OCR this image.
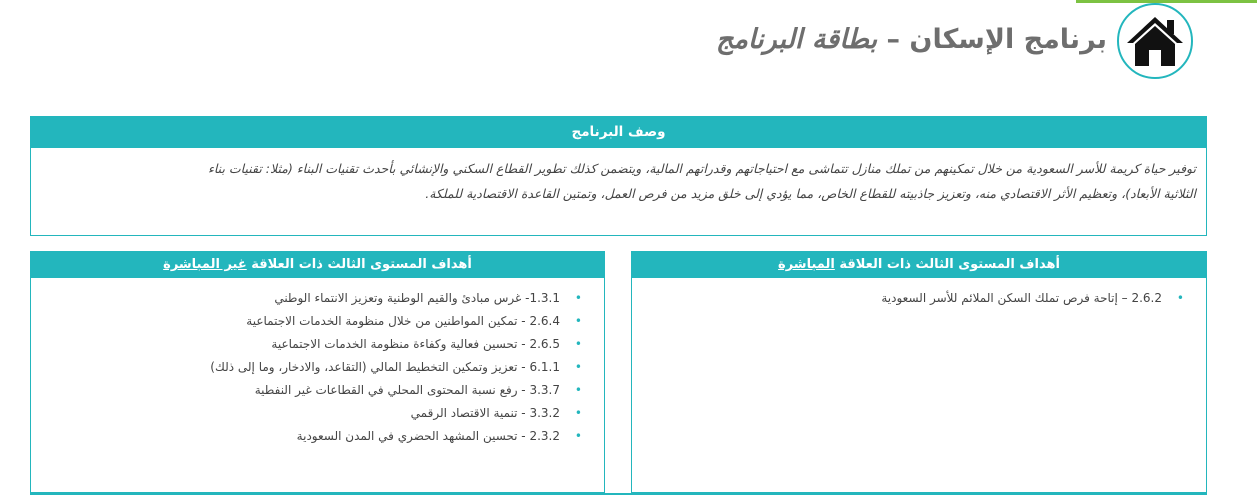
برنامج الإسكان – بطاقة البرنامج
وصف البرنامج
توفير حياة كريمة للأسر السعودية من خلال تمكينهم من تملك منازل تتماشى مع احتياجاتهم وقدراتهم المالية، ويتضمن كذلك تطوير القطاع السكني والإنشائي بأحدث تقنيات البناء (مثلا: تقنيات بناء
الثلاثية الأبعاد)، وتعظيم الأثر الاقتصادي منه، وتعزيز جاذبيته للقطاع الخاص، مما يؤدي إلى خلق مزيد من فرص العمل، وتمتين القاعدة الاقتصادية للملكة.
أهداف المستوى الثالث ذات العلاقة المباشرة
•
2.6.2 – إتاحة فرص تملك السكن الملائم للأسر السعودية
أهداف المستوى الثالث ذات العلاقة غير المباشرة
•
1.3.1- غرس مبادئ والقيم الوطنية وتعزيز الانتماء الوطني
•
2.6.4 - تمكين المواطنين من خلال منظومة الخدمات الاجتماعية
•
2.6.5 - تحسين فعالية وكفاءة منظومة الخدمات الاجتماعية
•
6.1.1 - تعزيز وتمكين التخطيط المالي (التقاعد، والادخار، وما إلى ذلك)
•
3.3.7 - رفع نسبة المحتوى المحلي في القطاعات غير النفطية
•
3.3.2 - تنمية الاقتصاد الرقمي
•
2.3.2 - تحسين المشهد الحضري في المدن السعودية
